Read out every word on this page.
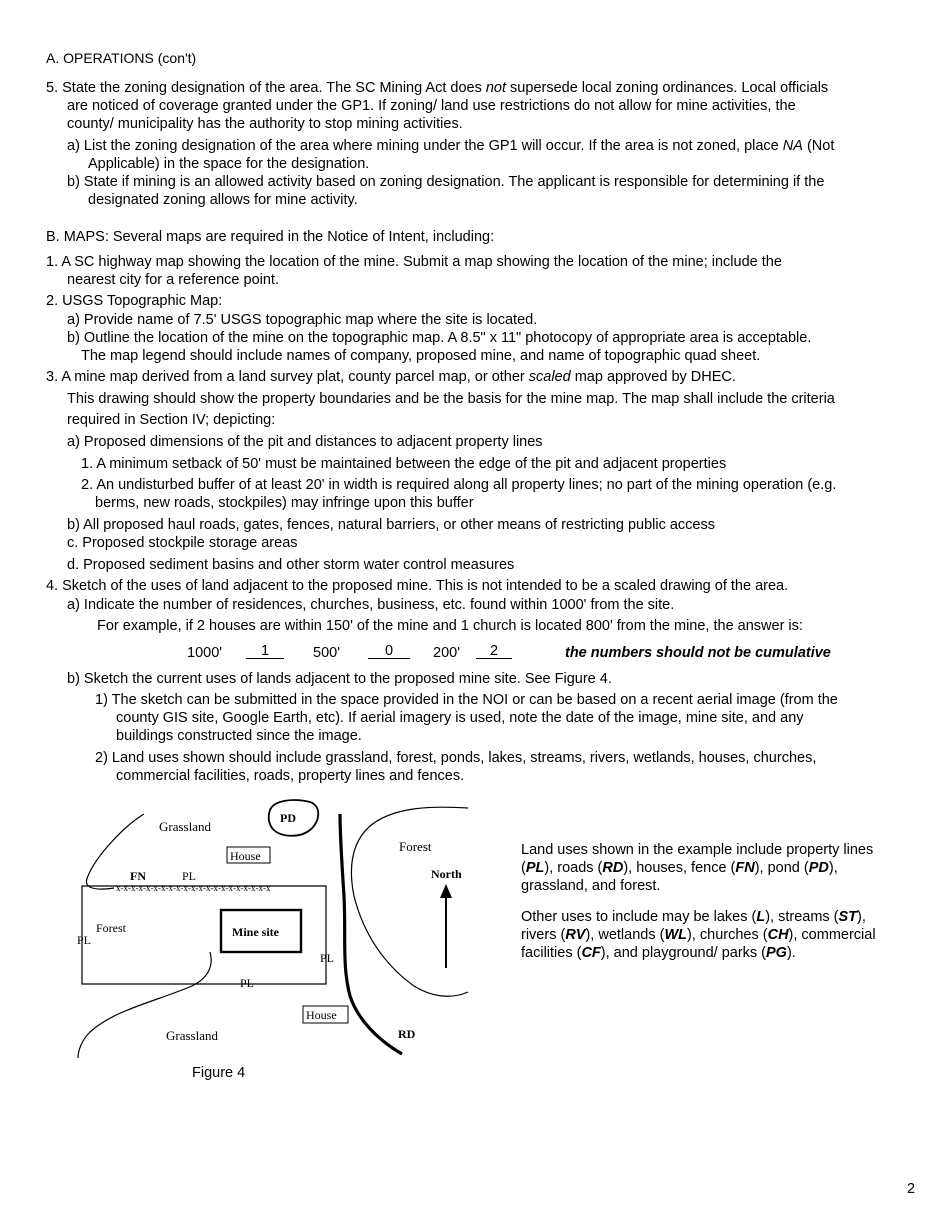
A. OPERATIONS (con't)
5. State the zoning designation of the area. The SC Mining Act does not supersede local zoning ordinances. Local officials
are noticed of coverage granted under the GP1. If zoning/ land use restrictions do not allow for mine activities, the
county/ municipality has the authority to stop mining activities.
a) List the zoning designation of the area where mining under the GP1 will occur. If the area is not zoned, place NA (Not
Applicable) in the space for the designation.
b) State if mining is an allowed activity based on zoning designation. The applicant is responsible for determining if the
designated zoning allows for mine activity.
B. MAPS: Several maps are required in the Notice of Intent, including:
1. A SC highway map showing the location of the mine. Submit a map showing the location of the mine; include the
nearest city for a reference point.
2. USGS Topographic Map:
a) Provide name of 7.5' USGS topographic map where the site is located.
b) Outline the location of the mine on the topographic map. A 8.5" x 11" photocopy of appropriate area is acceptable.
The map legend should include names of company, proposed mine, and name of topographic quad sheet.
3. A mine map derived from a land survey plat, county parcel map, or other scaled map approved by DHEC.
This drawing should show the property boundaries and be the basis for the mine map. The map shall include the criteria
required in Section IV; depicting:
a) Proposed dimensions of the pit and distances to adjacent property lines
1. A minimum setback of 50' must be maintained between the edge of the pit and adjacent properties
2. An undisturbed buffer of at least 20' in width is required along all property lines; no part of the mining operation (e.g.
berms, new roads, stockpiles) may infringe upon this buffer
b) All proposed haul roads, gates, fences, natural barriers, or other means of restricting public access
c. Proposed stockpile storage areas
d. Proposed sediment basins and other storm water control measures
4. Sketch of the uses of land adjacent to the proposed mine. This is not intended to be a scaled drawing of the area.
a) Indicate the number of residences, churches, business, etc. found within 1000' from the site.
For example, if 2 houses are within 150' of the mine and 1 church is located 800' from the mine, the answer is:
1000'	1	500'	0	200'	2	the numbers should not be cumulative
b) Sketch the current uses of lands adjacent to the proposed mine site. See Figure 4.
1) The sketch can be submitted in the space provided in the NOI or can be based on a recent aerial image (from the
county GIS site, Google Earth, etc). If aerial imagery is used, note the date of the image, mine site, and any
buildings constructed since the image.
2) Land uses shown should include grassland, forest, ponds, lakes, streams, rivers, wetlands, houses, churches,
commercial facilities, roads, property lines and fences.
Grassland
PD
House
FN	PL
x-x-x-x-x-x-x-x-x-x-x-x-x-x-x-x-x-x-x-x-x
Forest
PL
Mine site
PL
PL
Forest
North
House
RD
Grassland
Figure 4
Land uses shown in the example include property lines
(PL), roads (RD), houses, fence (FN), pond (PD),
grassland, and forest.
Other uses to include may be lakes (L), streams (ST),
rivers (RV), wetlands (WL), churches (CH), commercial
facilities (CF), and playground/ parks (PG).
2
